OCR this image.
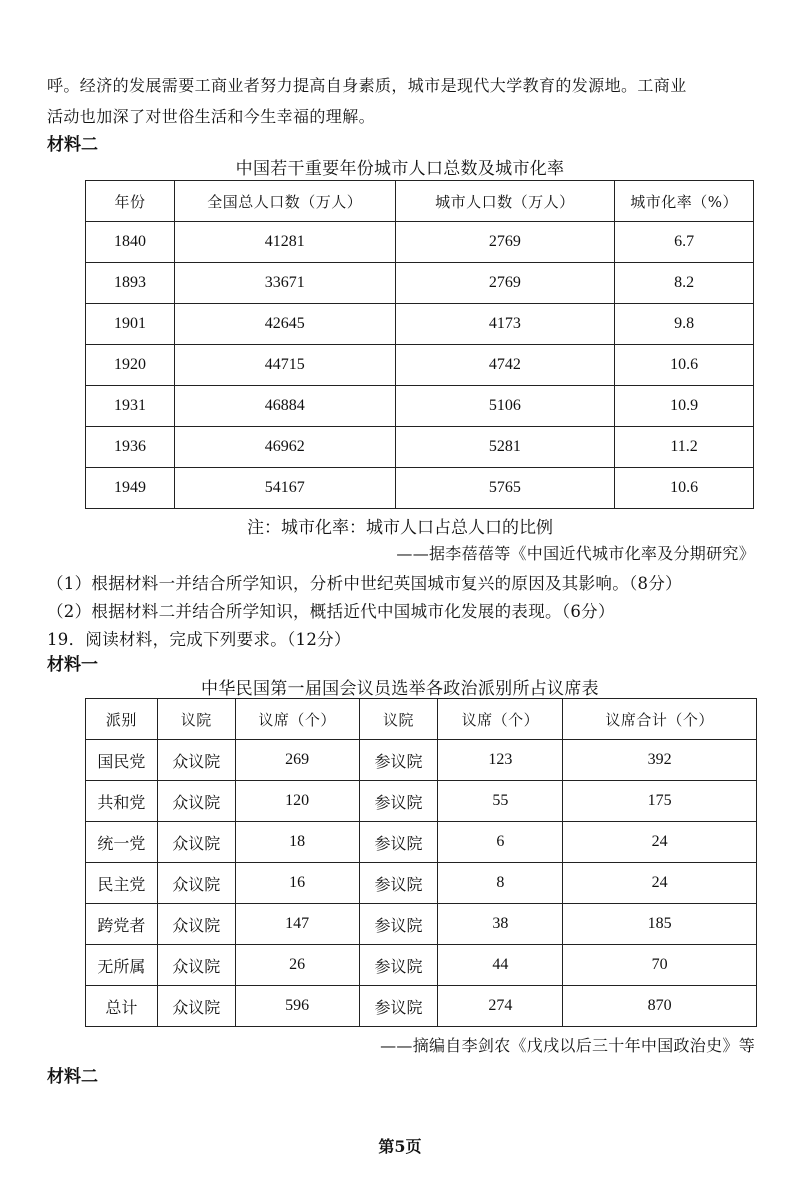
呼。经济的发展需要工商业者努力提高自身素质，城市是现代大学教育的发源地。工商业
活动也加深了对世俗生活和今生幸福的理解。
材料二
中国若干重要年份城市人口总数及城市化率
年份	全国总人口数（万人）	城市人口数（万人）	城市化率（%）
1840	41281	2769	6.7
1893	33671	2769	8.2
1901	42645	4173	9.8
1920	44715	4742	10.6
1931	46884	5106	10.9
1936	46962	5281	11.2
1949	54167	5765	10.6
注：城市化率：城市人口占总人口的比例
——据李蓓蓓等《中国近代城市化率及分期研究》
（1）根据材料一并结合所学知识，分析中世纪英国城市复兴的原因及其影响。（8分）
（2）根据材料二并结合所学知识，概括近代中国城市化发展的表现。（6分）
19．阅读材料，完成下列要求。（12分）
材料一
中华民国第一届国会议员选举各政治派别所占议席表
派别	议院	议席（个）	议院	议席（个）	议席合计（个）
国民党	众议院	269	参议院	123	392
共和党	众议院	120	参议院	55	175
统一党	众议院	18	参议院	6	24
民主党	众议院	16	参议院	8	24
跨党者	众议院	147	参议院	38	185
无所属	众议院	26	参议院	44	70
总计	众议院	596	参议院	274	870
——摘编自李剑农《戊戌以后三十年中国政治史》等
材料二
第5页
